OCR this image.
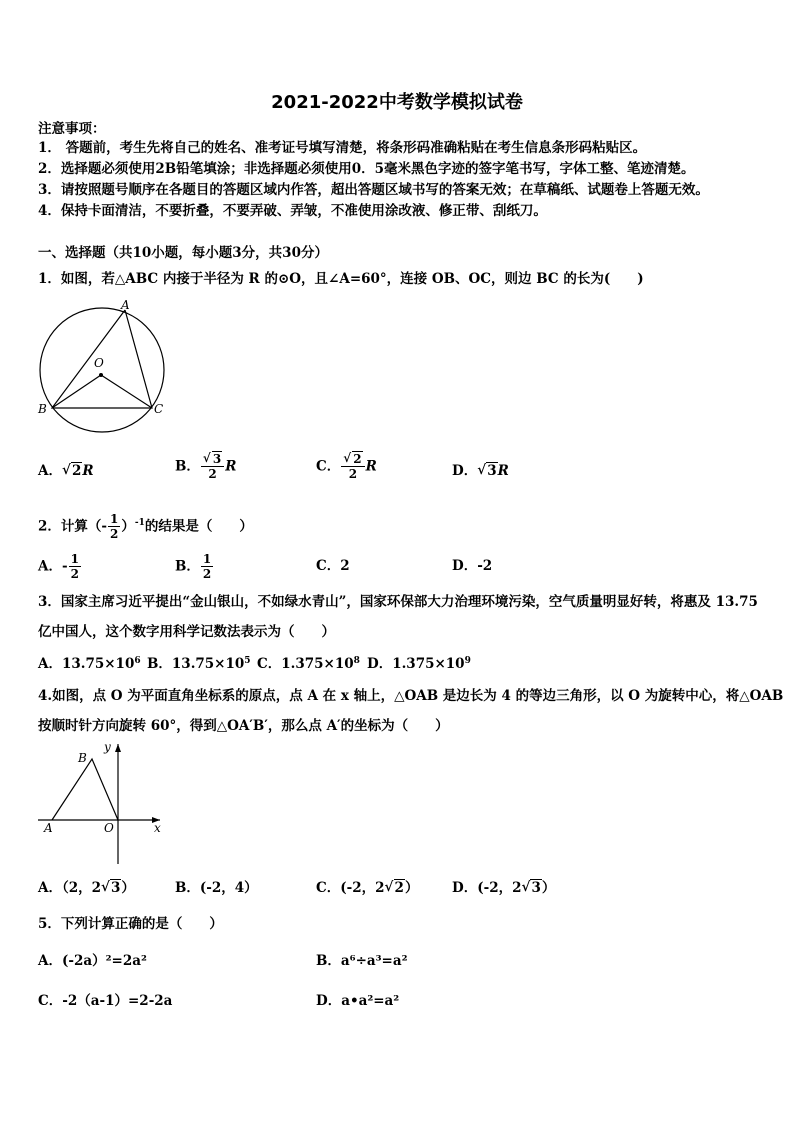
2021-2022中考数学模拟试卷
注意事项：
1． 答题前，考生先将自己的姓名、准考证号填写清楚，将条形码准确粘贴在考生信息条形码粘贴区。
2．选择题必须使用2B铅笔填涂；非选择题必须使用0．5毫米黑色字迹的签字笔书写，字体工整、笔迹清楚。
3．请按照题号顺序在各题目的答题区域内作答，超出答题区域书写的答案无效；在草稿纸、试题卷上答题无效。
4．保持卡面清洁，不要折叠，不要弄破、弄皱，不准使用涂改液、修正带、刮纸刀。
一、选择题（共10小题，每小题3分，共30分）
1．如图，若△ABC 内接于半径为 R 的⊙O，且∠A=60°，连接 OB、OC，则边 BC 的长为(　　)
A
B	C
O
A． √ 2R	B． √ $\frac{3}{2}$ R	C． √ $\frac{2}{2}$ R	D． √ 3R
2．计算（- $\frac{1}{2} )^{-1}$的结果是（　　）
A．- $\frac{1}{2}$	B． $\frac{1}{2}$	C．2	D．-2
3．国家主席习近平提出“金山银山，不如绿水青山”，国家环保部大力治理环境污染，空气质量明显好转，将惠及 13.75
亿中国人，这个数字用科学记数法表示为（　　）
A．$13.75\times 10^6$ B．$13.75\times 10^5$ C．$1.375\times 10^8$ D．$1.375\times 10^9$
4.如图，点 O 为平面直角坐标系的原点，点 A 在 x 轴上，△OAB 是边长为 4 的等边三角形，以 O 为旋转中心，将△OAB
按顺时针方向旋转 60°，得到△OA′B′，那么点 A′的坐标为（　　）
y
x
A
B
O
A．（2，2 √ 3）	B．(-2，4）	C．(-2，2 √ 2） D．(-2，2 √ 3）
5．下列计算正确的是（　　）
A．(-2a）²=2a²	B．a⁶÷a³=a²
C．-2（a-1）=2-2a	D．a•a²=a²
